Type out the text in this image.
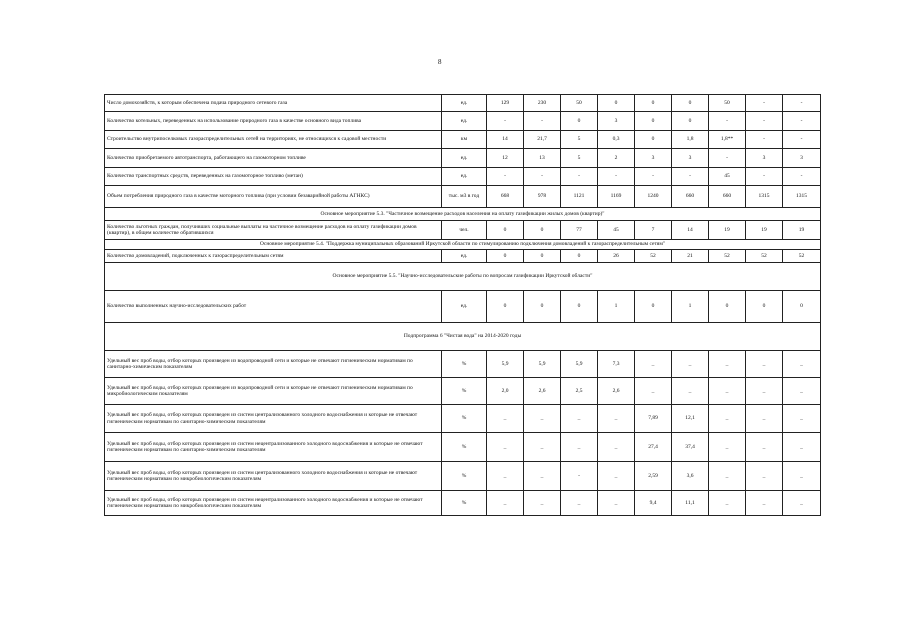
8
Число домохозяйств, к которым обеспечена подача природного сетевого газа	ед.	129	230	50	0	0	0	50	-	-
Количество котельных, переведенных на использование природного газа в качестве основного вида топлива	ед.	-	-	0	3	0	0	-	-	-
Строительство внутрипоселковых газораспределительных сетей на территориях, не относящихся к садовой местности	км	14	21,7	5	0,3	0	1,8	1,8**	-	-
Количество приобретаемого автотранспорта, работающего на газомоторном топливе	ед.	12	13	5	2	3	3	-	3	3
Количество транспортных средств, переведенных на газомоторное топливо (метан)	ед.	-	-	-	-	-	-	45	-	-
Объем потребления природного газа в качестве моторного топлива (при условии безаварийной работы АГНКС)	тыс. м3 в год	668	978	1121	1169	1240	660	660	1315	1315
Основное мероприятие 5.3. "Частичное возмещение расходов населения на оплату газификации жилых домов (квартир)"										
Количество льготных граждан, получивших социальные выплаты на частичное возмещение расходов на оплату газификации домов (квартир), в общем количестве обратившихся	чел.	0	0	77	45	7	14	19	19	19
Основное мероприятие 5.4. "Поддержка муниципальных образований Иркутской области по стимулированию подключения домовладений к газораспределительным сетям"										
Количество домовладений, подключенных к газораспределительным сетям	ед.	0	0	0	26	52	21	52	52	52
Основное мероприятие 5.5. "Научно-исследовательские работы по вопросам газификации Иркутской области"										
Количество выполненных научно-исследовательских работ	ед.	0	0	0	1	0	1	0	0	0
Подпрограмма 6 "Чистая вода" на 2014-2020 годы										
Удельный вес проб воды, отбор которых произведен из водопроводной сети и которые не отвечают гигиеническим нормативам по санитарно-химическим показателям	%	5,9	5,9	5,9	7,3	_	_	_	_	_
Удельный вес проб воды, отбор которых произведен из водопроводной сети и которые не отвечают гигиеническим нормативам по микробиологическим показателям	%	2,0	2,6	2,5	2,6	_	_	_	_	_
Удельный вес проб воды, отбор которых произведен из систем централизованного холодного водоснабжения и которые не отвечают гигиеническим нормативам по санитарно-химическим показателям	%	_	_	_	_	7,89	12,1	_	_	_
Удельный вес проб воды, отбор которых произведен из систем нецентрализованного холодного водоснабжения и которые не отвечают гигиеническим нормативам по санитарно-химическим показателям	%	_	_	_	_	27,4	37,4	_	_	_
Удельный вес проб воды, отбор которых произведен из систем централизованного холодного водоснабжения и которые не отвечают гигиеническим нормативам по микробиологическим показателям	%	_	_	-	_	2,59	3,6	_	_	_
Удельный вес проб воды, отбор которых произведен из систем нецентрализованного холодного водоснабжения и которые не отвечают гигиеническим нормативам по микробиологическим показателям	%	_	_	_	_	9,4	11,1	_	_	_
